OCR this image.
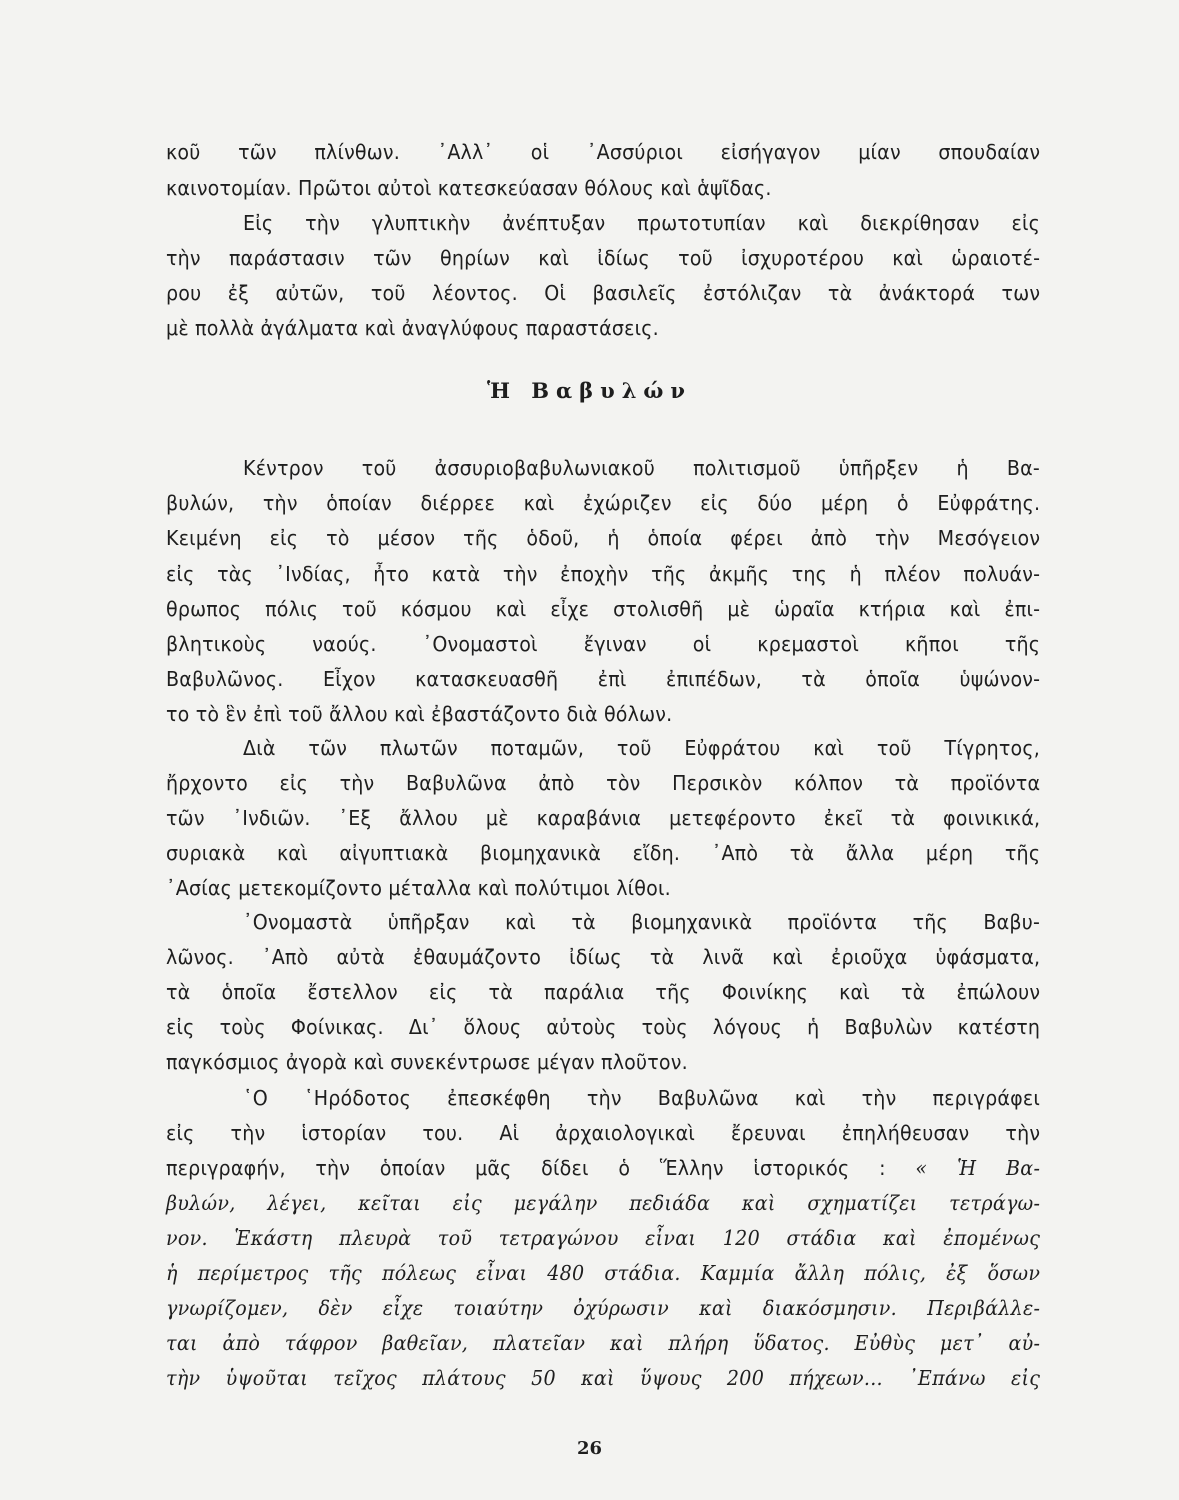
Ἡ Βαβυλών
κοῦ τῶν πλίνθων. ᾿Αλλ᾿ οἱ ᾿Ασσύριοι εἰσήγαγον μίαν σπουδαίαν
καινοτομίαν. Πρῶτοι αὐτοὶ κατεσκεύασαν θόλους καὶ ἁψῖδας.
Εἰς τὴν γλυπτικὴν ἀνέπτυξαν πρωτοτυπίαν καὶ διεκρίθησαν εἰς
τὴν παράστασιν τῶν θηρίων καὶ ἰδίως τοῦ ἰσχυροτέρου καὶ ὡραιοτέ-
ρου ἐξ αὐτῶν, τοῦ λέοντος. Οἱ βασιλεῖς ἐστόλιζαν τὰ ἀνάκτορά των
μὲ πολλὰ ἀγάλματα καὶ ἀναγλύφους παραστάσεις.
Κέντρον τοῦ ἀσσυριοβαβυλωνιακοῦ πολιτισμοῦ ὑπῆρξεν ἡ Βα-
βυλών, τὴν ὁποίαν διέρρεε καὶ ἐχώριζεν εἰς δύο μέρη ὁ Εὐφράτης.
Κειμένη εἰς τὸ μέσον τῆς ὁδοῦ, ἡ ὁποία φέρει ἀπὸ τὴν Μεσόγειον
εἰς τὰς ᾿Ινδίας, ἦτο κατὰ τὴν ἐποχὴν τῆς ἀκμῆς της ἡ πλέον πολυάν-
θρωπος πόλις τοῦ κόσμου καὶ εἶχε στολισθῆ μὲ ὡραῖα κτήρια καὶ ἐπι-
βλητικοὺς ναούς. ᾿Ονομαστοὶ ἔγιναν οἱ κρεμαστοὶ κῆποι τῆς
Βαβυλῶνος. Εἶχον κατασκευασθῆ ἐπὶ ἐπιπέδων, τὰ ὁποῖα ὑψώνον-
το τὸ ἓν ἐπὶ τοῦ ἄλλου καὶ ἐβαστάζοντο διὰ θόλων.
Διὰ τῶν πλωτῶν ποταμῶν, τοῦ Εὐφράτου καὶ τοῦ Τίγρητος,
ἤρχοντο εἰς τὴν Βαβυλῶνα ἀπὸ τὸν Περσικὸν κόλπον τὰ προϊόντα
τῶν ᾿Ινδιῶν. ᾿Εξ ἄλλου μὲ καραβάνια μετεφέροντο ἐκεῖ τὰ φοινικικά,
συριακὰ καὶ αἰγυπτιακὰ βιομηχανικὰ εἴδη. ᾿Απὸ τὰ ἄλλα μέρη τῆς
᾿Ασίας μετεκομίζοντο μέταλλα καὶ πολύτιμοι λίθοι.
᾿Ονομαστὰ ὑπῆρξαν καὶ τὰ βιομηχανικὰ προϊόντα τῆς Βαβυ-
λῶνος. ᾿Απὸ αὐτὰ ἐθαυμάζοντο ἰδίως τὰ λινᾶ καὶ ἐριοῦχα ὑφάσματα,
τὰ ὁποῖα ἔστελλον εἰς τὰ παράλια τῆς Φοινίκης καὶ τὰ ἐπώλουν
εἰς τοὺς Φοίνικας. Δι᾿ ὅλους αὐτοὺς τοὺς λόγους ἡ Βαβυλὼν κατέστη
παγκόσμιος ἀγορὰ καὶ συνεκέντρωσε μέγαν πλοῦτον.
῾Ο ῾Ηρόδοτος ἐπεσκέφθη τὴν Βαβυλῶνα καὶ τὴν περιγράφει
εἰς τὴν ἱστορίαν του. Αἱ ἀρχαιολογικαὶ ἔρευναι ἐπηλήθευσαν τὴν
περιγραφήν, τὴν ὁποίαν μᾶς δίδει ὁ Ἕλλην ἱστορικός : « Ἡ Βα-
βυλών, λέγει, κεῖται εἰς μεγάλην πεδιάδα καὶ σχηματίζει τετράγω-
νον. Ἑκάστη πλευρὰ τοῦ τετραγώνου εἶναι 120 στάδια καὶ ἐπομένως
ἡ περίμετρος τῆς πόλεως εἶναι 480 στάδια. Καμμία ἄλλη πόλις, ἐξ ὅσων
γνωρίζομεν, δὲν εἶχε τοιαύτην ὀχύρωσιν καὶ διακόσμησιν. Περιβάλλε-
ται ἀπὸ τάφρον βαθεῖαν, πλατεῖαν καὶ πλήρη ὕδατος. Εὐθὺς μετ᾿ αὐ-
τὴν ὑψοῦται τεῖχος πλάτους 50 καὶ ὕψους 200 πήχεων... ᾿Επάνω εἰς
26
